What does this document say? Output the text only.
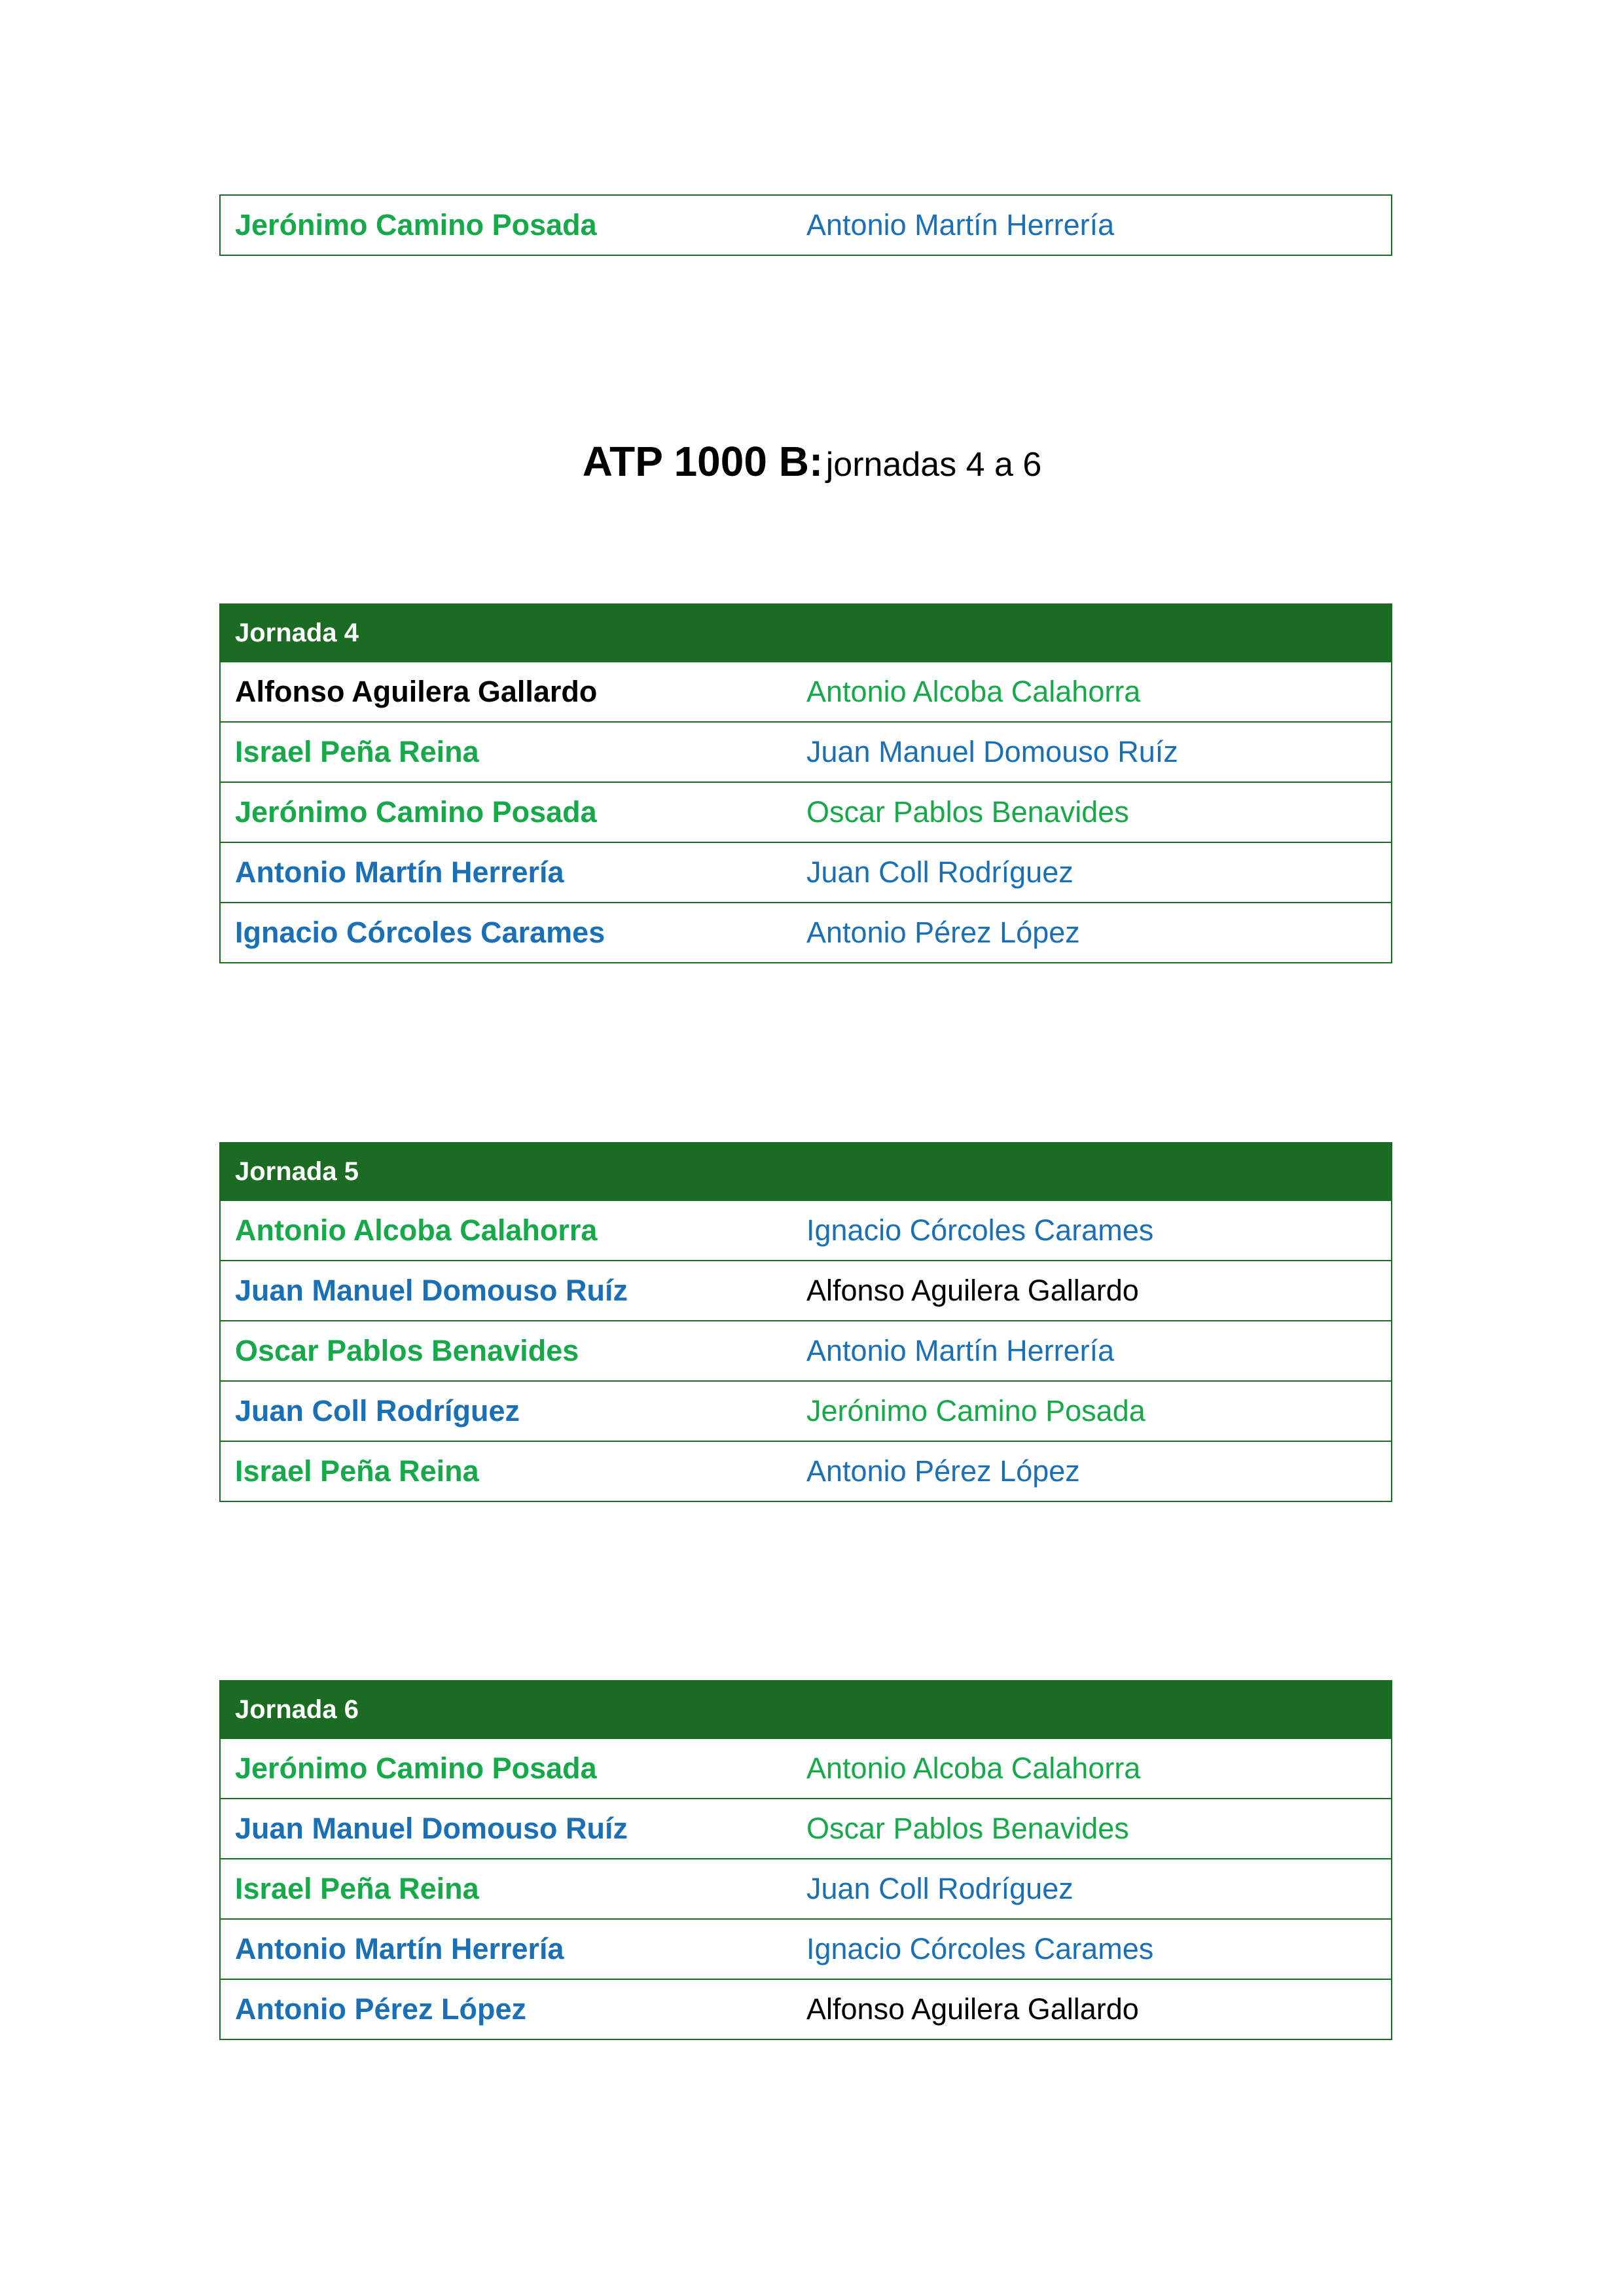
Jerónimo Camino Posada	Antonio Martín Herrería
ATP 1000 B: jornadas 4 a 6
Jornada 4	
Alfonso Aguilera Gallardo	Antonio Alcoba Calahorra
Israel Peña Reina	Juan Manuel Domouso Ruíz
Jerónimo Camino Posada	Oscar Pablos Benavides
Antonio Martín Herrería	Juan Coll Rodríguez
Ignacio Córcoles Carames	Antonio Pérez López
Jornada 5	
Antonio Alcoba Calahorra	Ignacio Córcoles Carames
Juan Manuel Domouso Ruíz	Alfonso Aguilera Gallardo
Oscar Pablos Benavides	Antonio Martín Herrería
Juan Coll Rodríguez	Jerónimo Camino Posada
Israel Peña Reina	Antonio Pérez López
Jornada 6	
Jerónimo Camino Posada	Antonio Alcoba Calahorra
Juan Manuel Domouso Ruíz	Oscar Pablos Benavides
Israel Peña Reina	Juan Coll Rodríguez
Antonio Martín Herrería	Ignacio Córcoles Carames
Antonio Pérez López	Alfonso Aguilera Gallardo
